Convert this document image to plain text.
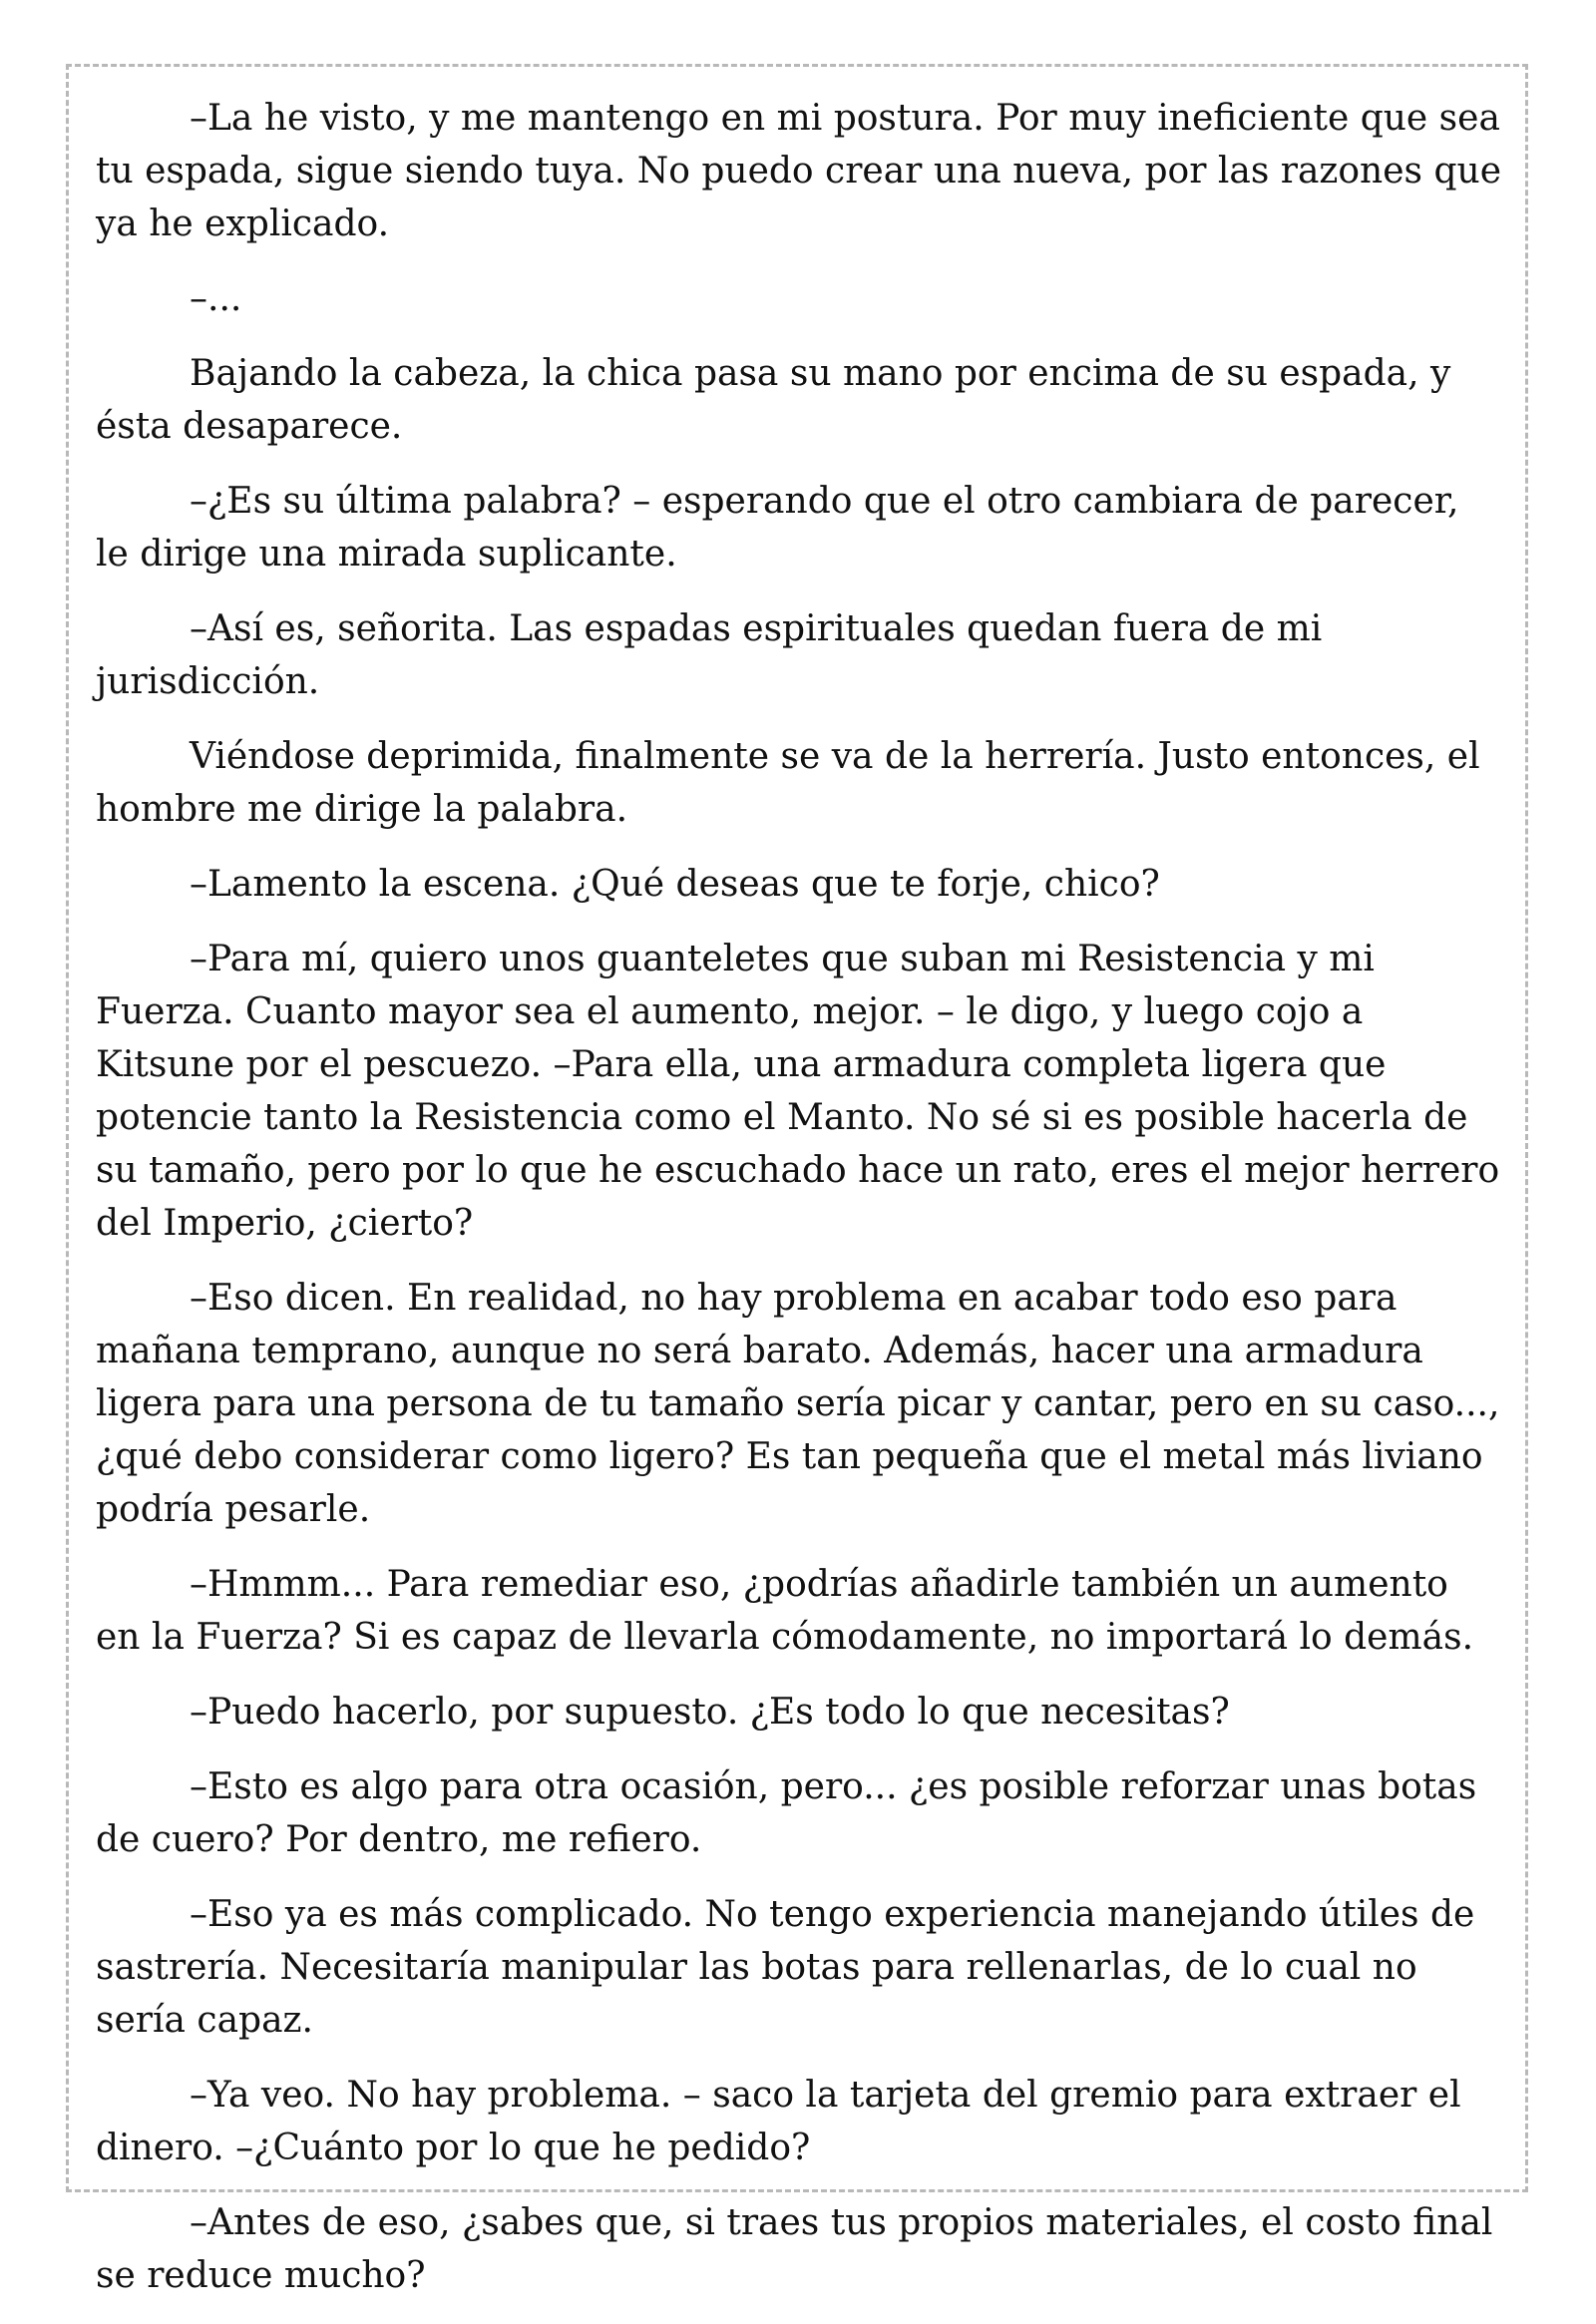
–La he visto, y me mantengo en mi postura. Por muy ineficiente que sea tu espada, sigue siendo tuya. No puedo crear una nueva, por las razones que ya he explicado.

–...

Bajando la cabeza, la chica pasa su mano por encima de su espada, y ésta desaparece.

–¿Es su última palabra? – esperando que el otro cambiara de parecer, le dirige una mirada suplicante.

–Así es, señorita. Las espadas espirituales quedan fuera de mi jurisdicción.

Viéndose deprimida, finalmente se va de la herrería. Justo entonces, el hombre me dirige la palabra.

–Lamento la escena. ¿Qué deseas que te forje, chico?

–Para mí, quiero unos guanteletes que suban mi Resistencia y mi Fuerza. Cuanto mayor sea el aumento, mejor. – le digo, y luego cojo a Kitsune por el pescuezo. –Para ella, una armadura completa ligera que potencie tanto la Resistencia como el Manto. No sé si es posible hacerla de su tamaño, pero por lo que he escuchado hace un rato, eres el mejor herrero del Imperio, ¿cierto?

–Eso dicen. En realidad, no hay problema en acabar todo eso para mañana temprano, aunque no será barato. Además, hacer una armadura ligera para una persona de tu tamaño sería picar y cantar, pero en su caso..., ¿qué debo considerar como ligero? Es tan pequeña que el metal más liviano podría pesarle.

–Hmmm... Para remediar eso, ¿podrías añadirle también un aumento en la Fuerza? Si es capaz de llevarla cómodamente, no importará lo demás.

–Puedo hacerlo, por supuesto. ¿Es todo lo que necesitas?

–Esto es algo para otra ocasión, pero... ¿es posible reforzar unas botas de cuero? Por dentro, me refiero.

–Eso ya es más complicado. No tengo experiencia manejando útiles de sastrería. Necesitaría manipular las botas para rellenarlas, de lo cual no sería capaz.

–Ya veo. No hay problema. – saco la tarjeta del gremio para extraer el dinero. –¿Cuánto por lo que he pedido?

–Antes de eso, ¿sabes que, si traes tus propios materiales, el costo final se reduce mucho?
